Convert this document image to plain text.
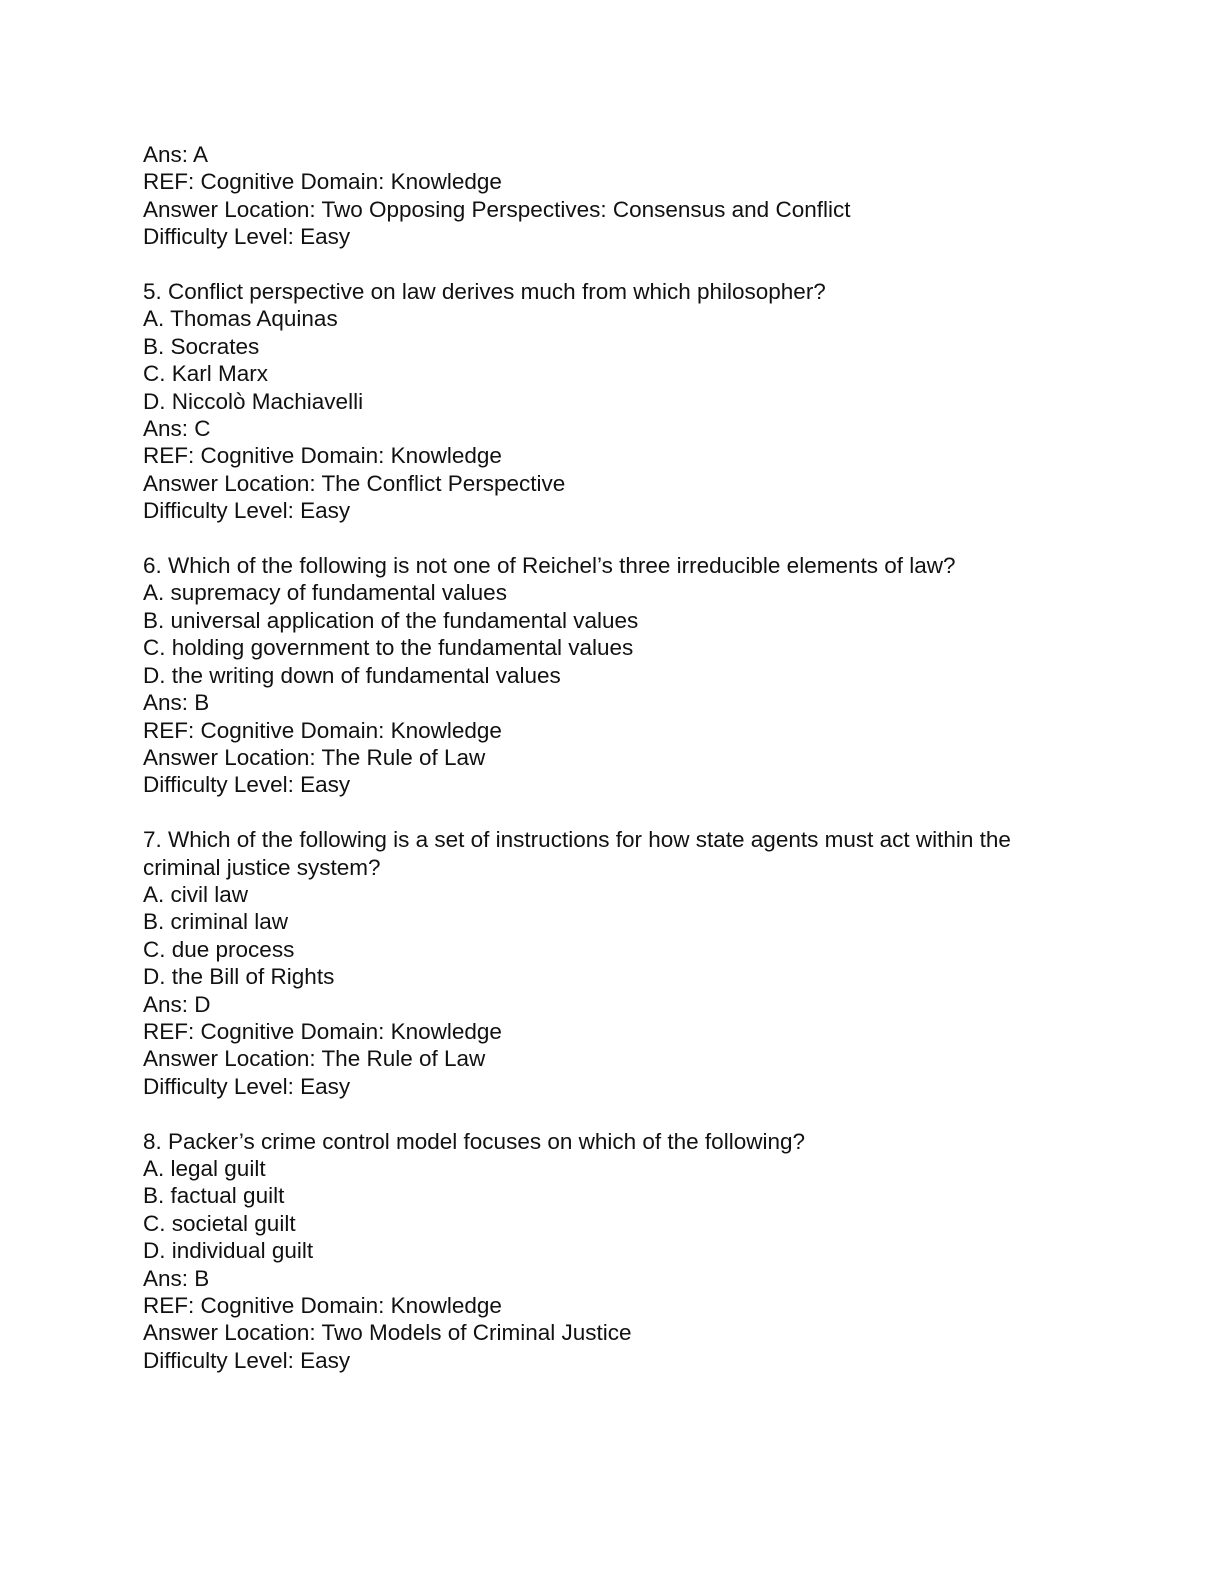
Ans: A

REF: Cognitive Domain: Knowledge

Answer Location: Two Opposing Perspectives: Consensus and Conflict

Difficulty Level: Easy

5. Conflict perspective on law derives much from which philosopher?

A. Thomas Aquinas

B. Socrates

C. Karl Marx

D. Niccolò Machiavelli

Ans: C

REF: Cognitive Domain: Knowledge

Answer Location: The Conflict Perspective

Difficulty Level: Easy

6. Which of the following is not one of Reichel’s three irreducible elements of law?

A. supremacy of fundamental values

B. universal application of the fundamental values

C. holding government to the fundamental values

D. the writing down of fundamental values

Ans: B

REF: Cognitive Domain: Knowledge

Answer Location: The Rule of Law

Difficulty Level: Easy

7. Which of the following is a set of instructions for how state agents must act within the

criminal justice system?

A. civil law

B. criminal law

C. due process

D. the Bill of Rights

Ans: D

REF: Cognitive Domain: Knowledge

Answer Location: The Rule of Law

Difficulty Level: Easy

8. Packer’s crime control model focuses on which of the following?

A. legal guilt

B. factual guilt

C. societal guilt

D. individual guilt

Ans: B

REF: Cognitive Domain: Knowledge

Answer Location: Two Models of Criminal Justice

Difficulty Level: Easy
